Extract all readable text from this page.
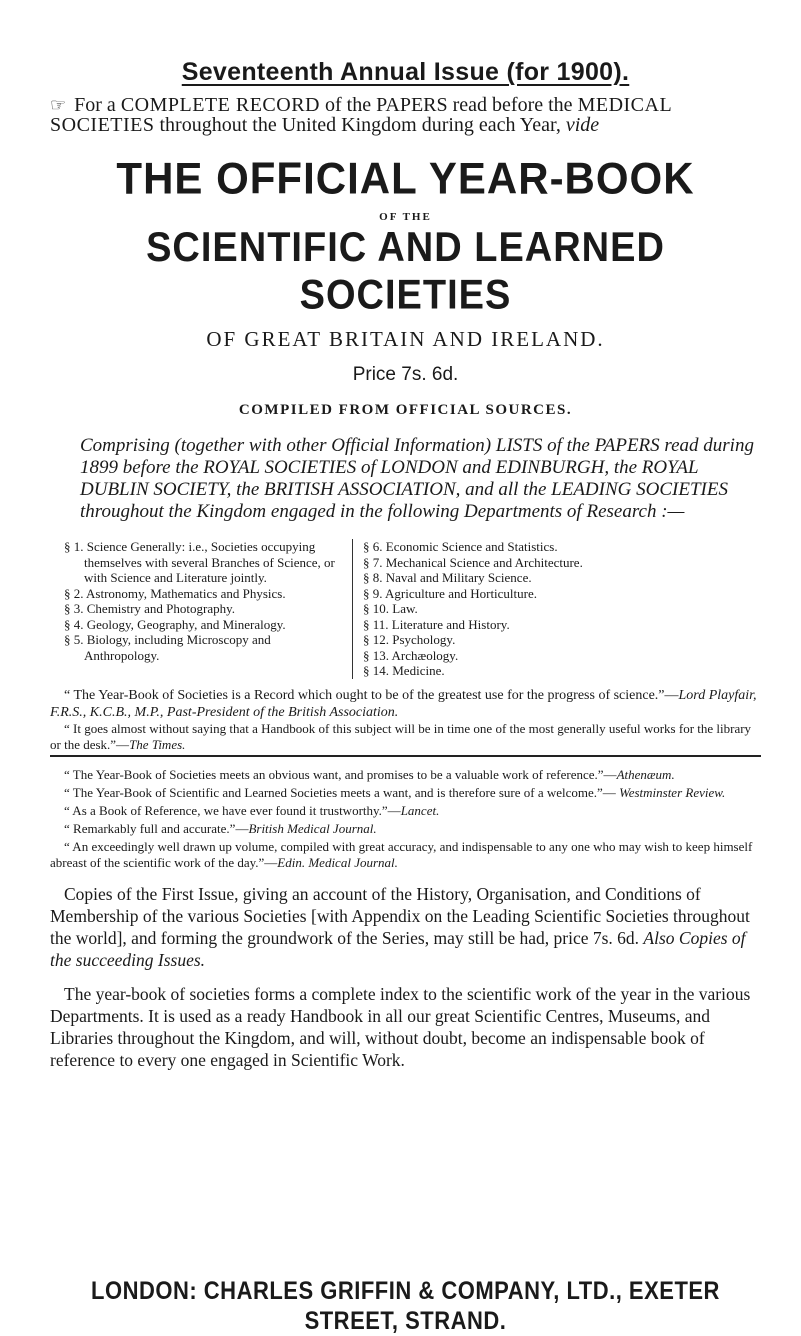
Seventeenth Annual Issue (for 1900).
☞ For a COMPLETE RECORD of the PAPERS read before the MEDICAL SOCIETIES throughout the United Kingdom during each Year, vide
THE OFFICIAL YEAR-BOOK
OF THE
SCIENTIFIC AND LEARNED SOCIETIES
OF GREAT BRITAIN AND IRELAND.
Price 7s. 6d.
COMPILED FROM OFFICIAL SOURCES.
Comprising (together with other Official Information) LISTS of the PAPERS read during 1899 before the ROYAL SOCIETIES of LONDON and EDINBURGH, the ROYAL DUBLIN SOCIETY, the BRITISH ASSOCIATION, and all the LEADING SOCIETIES throughout the Kingdom engaged in the following Departments of Research :—

§ 1. Science Generally: i.e., Societies occupying themselves with several Branches of Science, or with Science and Literature jointly.

§ 2. Astronomy, Mathematics and Physics.

§ 3. Chemistry and Photography.

§ 4. Geology, Geography, and Mineralogy.

§ 5. Biology, including Microscopy and Anthropology.

§ 6. Economic Science and Statistics.

§ 7. Mechanical Science and Architecture.

§ 8. Naval and Military Science.

§ 9. Agriculture and Horticulture.

§ 10. Law.

§ 11. Literature and History.

§ 12. Psychology.

§ 13. Archæology.

§ 14. Medicine.

“ The Year-Book of Societies is a Record which ought to be of the greatest use for the progress of science.”—Lord Playfair, F.R.S., K.C.B., M.P., Past-President of the British Association.

“ It goes almost without saying that a Handbook of this subject will be in time one of the most generally useful works for the library or the desk.”—The Times.

“ The Year-Book of Societies meets an obvious want, and promises to be a valuable work of reference.”—Athenæum.

“ The Year-Book of Scientific and Learned Societies meets a want, and is therefore sure of a welcome.”— Westminster Review.

“ As a Book of Reference, we have ever found it trustworthy.”—Lancet.

“ Remarkably full and accurate.”—British Medical Journal.

“ An exceedingly well drawn up volume, compiled with great accuracy, and indispensable to any one who may wish to keep himself abreast of the scientific work of the day.”—Edin. Medical Journal.

Copies of the First Issue, giving an account of the History, Organisation, and Conditions of Membership of the various Societies [with Appendix on the Leading Scientific Societies throughout the world], and forming the groundwork of the Series, may still be had, price 7s. 6d. Also Copies of the succeeding Issues.

The year-book of societies forms a complete index to the scientific work of the year in the various Departments. It is used as a ready Handbook in all our great Scientific Centres, Museums, and Libraries throughout the Kingdom, and will, without doubt, become an indispensable book of reference to every one engaged in Scientific Work.

LONDON: CHARLES GRIFFIN & COMPANY, LTD., EXETER STREET, STRAND.
